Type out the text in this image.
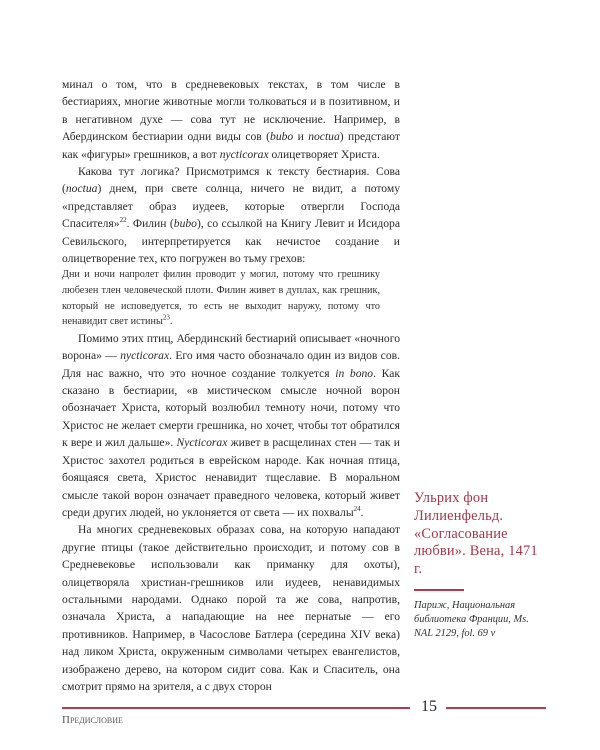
минал о том, что в средневековых текстах, в том числе в бестиариях, многие животные могли толковаться и в позитивном, и в негативном духе — сова тут не исключение. Например, в Абердинском бестиарии одни виды сов (bubo и noctua) предстают как «фигуры» грешников, а вот nycticorax олицетворяет Христа.

Какова тут логика? Присмотримся к тексту бестиария. Сова (noctua) днем, при свете солнца, ничего не видит, а потому «представляет образ иудеев, которые отвергли Господа Спасителя»$^{22}$. Филин (bubo), со ссылкой на Книгу Левит и Исидора Севильского, интерпретируется как нечистое создание и олицетворение тех, кто погружен во тьму грехов:

Дни и ночи напролет филин проводит у могил, потому что грешнику любезен тлен человеческой плоти. Филин живет в дуплах, как грешник, который не исповедуется, то есть не выходит наружу, потому что ненавидит свет истины$^{23}$.

Помимо этих птиц, Абердинский бестиарий описывает «ночного ворона» — nycticorax. Его имя часто обозначало один из видов сов. Для нас важно, что это ночное создание толкуется in bono. Как сказано в бестиарии, «в мистическом смысле ночной ворон обозначает Христа, который возлюбил темноту ночи, потому что Христос не желает смерти грешника, но хочет, чтобы тот обратился к вере и жил дальше». Nycticorax живет в расщелинах стен — так и Христос захотел родиться в еврейском народе. Как ночная птица, боящаяся света, Христос ненавидит тщеславие. В моральном смысле такой ворон означает праведного человека, который живет среди других людей, но уклоняется от света — их похвалы$^{24}$.

На многих средневековых образах сова, на которую нападают другие птицы (такое действительно происходит, и потому сов в Средневековье использовали как приманку для охоты), олицетворяла христиан-грешников или иудеев, ненавидимых остальными народами. Однако порой та же сова, напротив, означала Христа, а нападающие на нее пернатые — его противников. Например, в Часослове Батлера (середина XIV века) над ликом Христа, окруженным символами четырех евангелистов, изображено дерево, на котором сидит сова. Как и Спаситель, она смотрит прямо на зрителя, а с двух сторон

Ульрих фон Лилиенфельд. «Согласование любви». Вена, 1471 г.
Париж, Национальная библиотека Франции, Ms. NAL 2129, fol. 69 v
15
Предисловие
